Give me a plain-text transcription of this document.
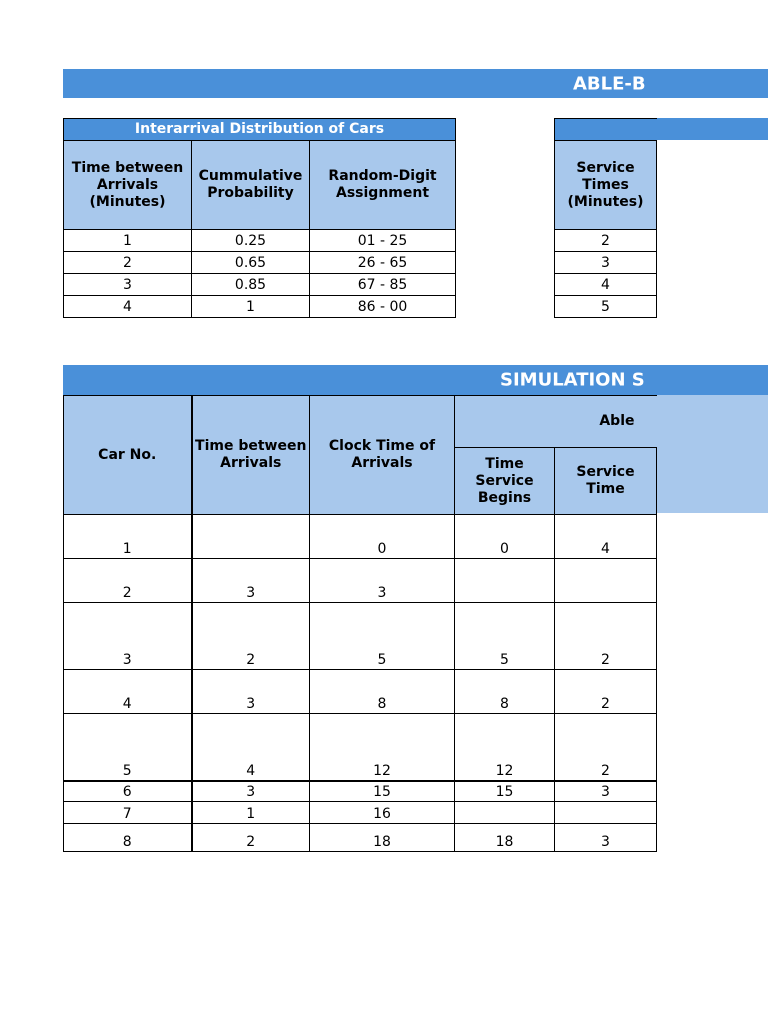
ABLE-B
Interarrival Distribution of Cars		
Time between Arrivals (Minutes)	Cummulative Probability	Random-Digit Assignment
1	0.25	01 - 25
2	0.65	26 - 65
3	0.85	67 - 85
4	1	86 - 00

Service Times (Minutes)
2
3
4
5
SIMULATION S
Car No.	Time between Arrivals	Clock Time of Arrivals	Able	
			Time Service Begins	Service Time
1		0	0	4
2	3	3		
3	2	5	5	2
4	3	8	8	2
5	4	12	12	2
6	3	15	15	3
7	1	16		
8	2	18	18	3
